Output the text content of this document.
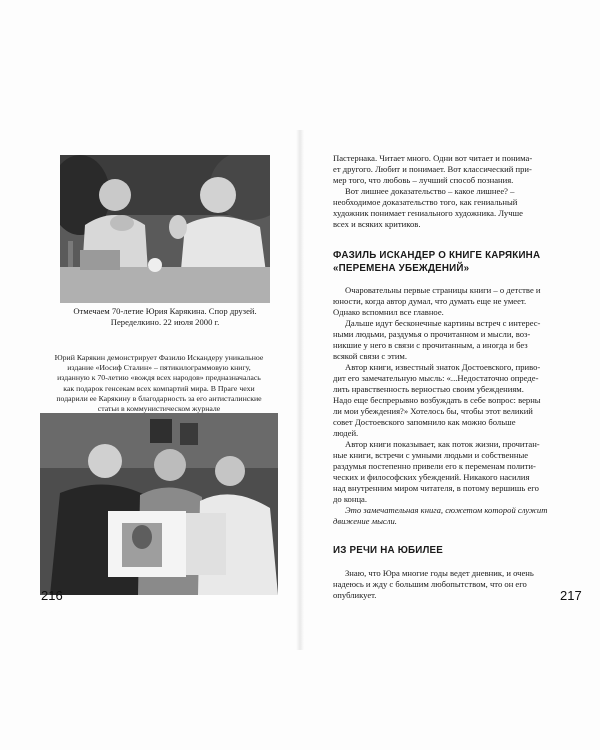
Отмечаем 70-летие Юрия Карякина. Спор друзей.
Переделкино. 22 июля 2000 г.
Юрий Карякин демонстрирует Фазилю Искандеру уникальное
издание «Иосиф Сталин» – пятикилограммовую книгу,
изданную к 70-летию «вождя всех народов» предназначалась
как подарок генсекам всех компартий мира. В Праге чехи
подарили ее Карякину в благодарность за его антисталинские
статьи в коммунистическом журнале
216
Пастернака. Читает много. Одни вот читает и понима-
ет другого. Любит и понимает. Вот классический при-
мер того, что любовь – лучший способ познания.
Вот лишнее доказательство – какое лишнее? –
необходимое доказательство того, как гениальный
художник понимает гениального художника. Лучше
всех и всяких критиков.
ФАЗИЛЬ ИСКАНДЕР О КНИГЕ КАРЯКИНА
«ПЕРЕМЕНА УБЕЖДЕНИЙ»
Очаровательны первые страницы книги – о детстве и
юности, когда автор думал, что думать еще не умеет.
Однако вспомнил все главное.
Дальше идут бесконечные картины встреч с интерес-
ными людьми, раздумья о прочитанном и мысли, воз-
никшие у него в связи с прочитанным, а иногда и без
всякой связи с этим.
Автор книги, известный знаток Достоевского, приво-
дит его замечательную мысль: «...Недостаточно опреде-
лить нравственность верностью своим убеждениям.
Надо еще беспрерывно возбуждать в себе вопрос: верны
ли мои убеждения?» Хотелось бы, чтобы этот великий
совет Достоевского запомнило как можно больше
людей.
Автор книги показывает, как поток жизни, прочитан-
ные книги, встречи с умными людьми и собственные
раздумья постепенно привели его к переменам полити-
ческих и философских убеждений. Никакого насилия
над внутренним миром читателя, в потому вершишь его
до конца.
Это замечательная книга, сюжетом которой служит
движение мысли.
ИЗ РЕЧИ НА ЮБИЛЕЕ
Знаю, что Юра многие годы ведет дневник, и очень
надеюсь и жду с большим любопытством, что он его
опубликует.	217
